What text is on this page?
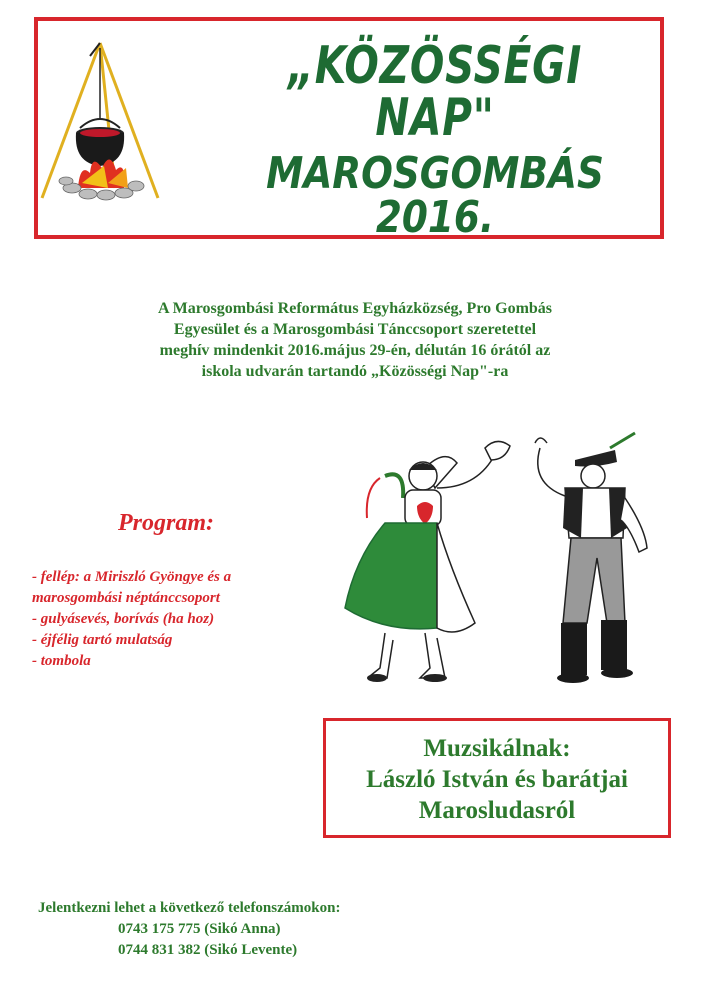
„KÖZÖSSÉGI NAP"
MAROSGOMBÁS 2016.
A Marosgombási Református Egyházközség, Pro Gombás
Egyesület és a Marosgombási Tánccsoport szeretettel
meghív mindenkit 2016.május 29-én, délután 16 órától az
iskola udvarán tartandó „Közösségi Nap"-ra
Program:
- fellép: a Miriszló Gyöngye és a
marosgombási néptánccsoport
- gulyásevés, borívás (ha hoz)
- éjfélig tartó mulatság
- tombola
Muzsikálnak:
László István és barátjai
Marosludasról
Jelentkezni lehet a következő telefonszámokon:
0743 175 775 (Sikó Anna)
0744 831 382 (Sikó Levente)
